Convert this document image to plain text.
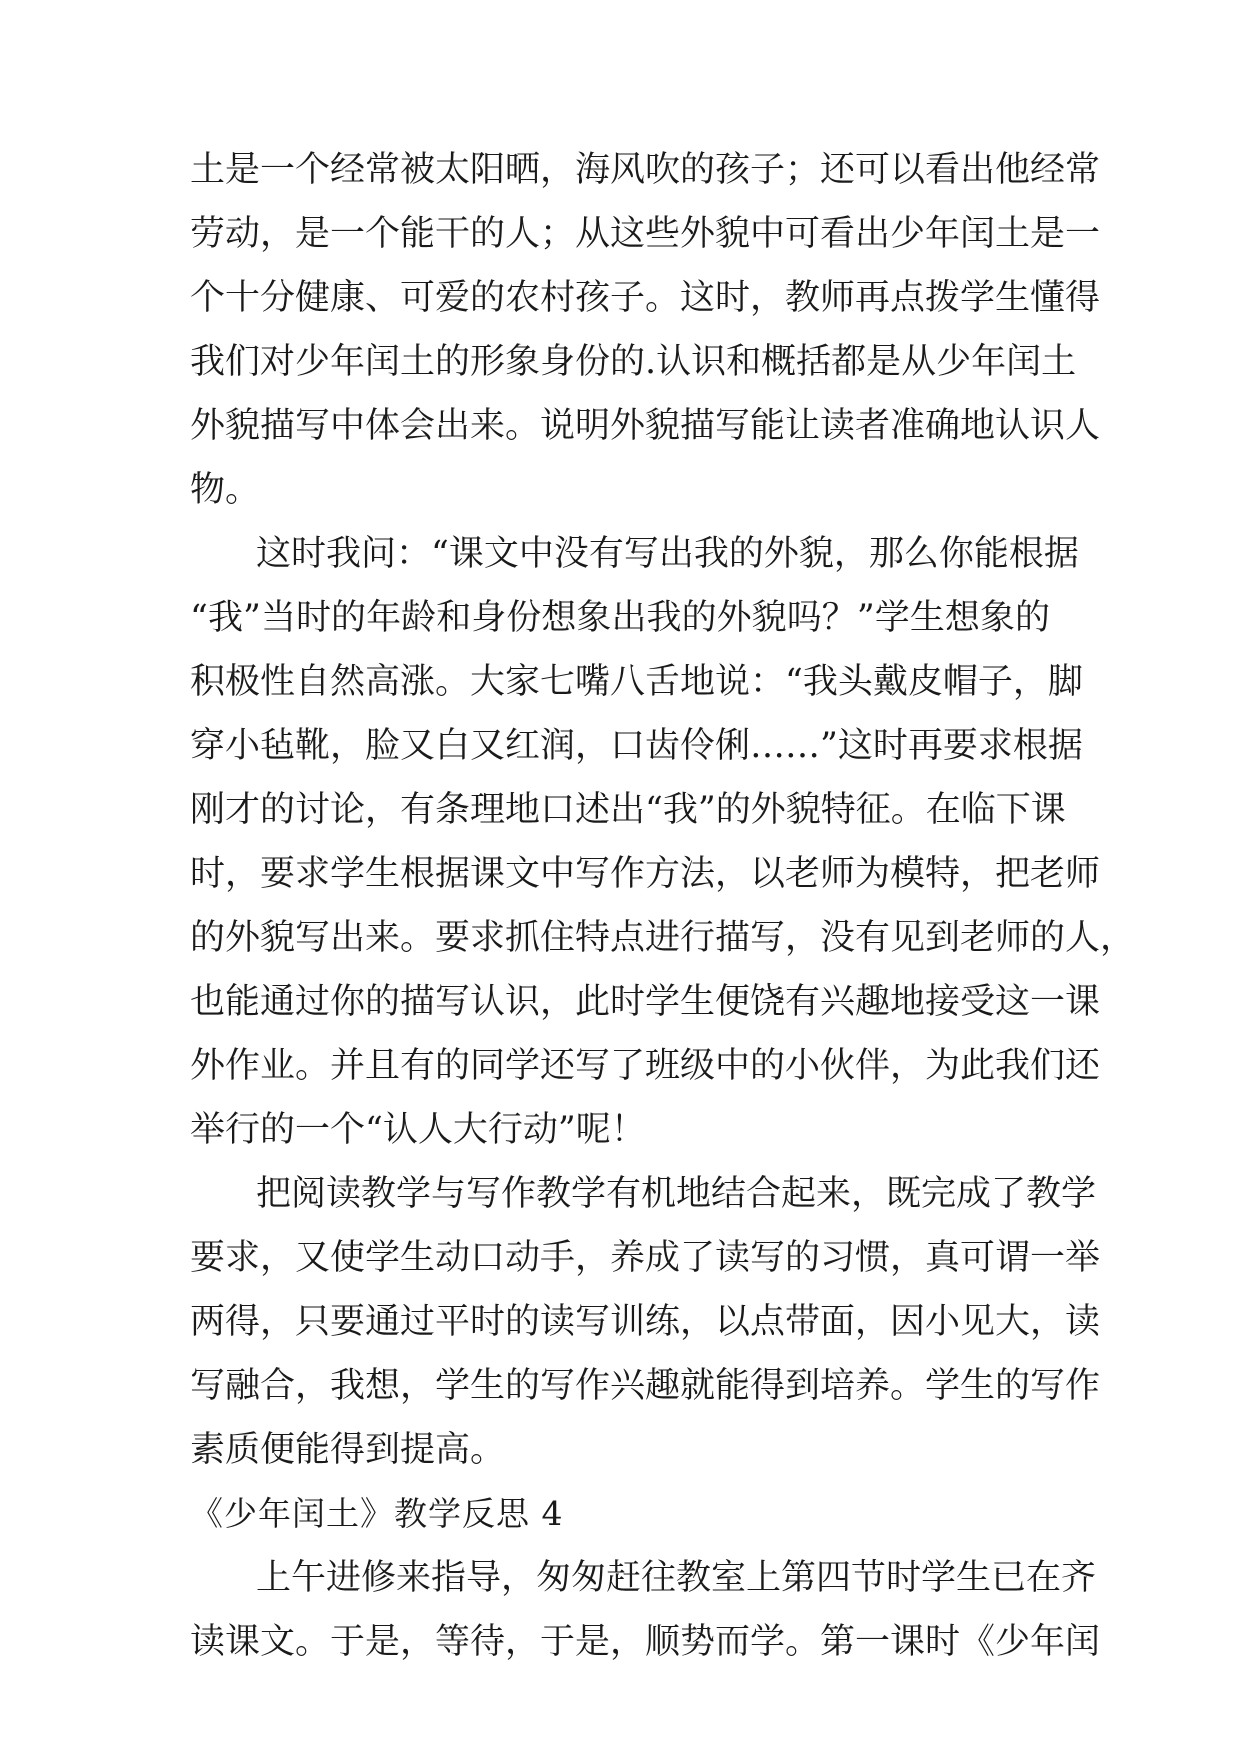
土是一个经常被太阳晒，海风吹的孩子；还可以看出他经常
劳动，是一个能干的人；从这些外貌中可看出少年闰土是一
个十分健康、可爱的农村孩子。这时，教师再点拨学生懂得
我们对少年闰土的形象身份的.认识和概括都是从少年闰土
外貌描写中体会出来。说明外貌描写能让读者准确地认识人
物。
这时我问：“课文中没有写出我的外貌，那么你能根据
“我”当时的年龄和身份想象出我的外貌吗？”学生想象的
积极性自然高涨。大家七嘴八舌地说：“我头戴皮帽子，脚
穿小毡靴，脸又白又红润，口齿伶俐……”这时再要求根据
刚才的讨论，有条理地口述出“我”的外貌特征。在临下课
时，要求学生根据课文中写作方法，以老师为模特，把老师
的外貌写出来。要求抓住特点进行描写，没有见到老师的人，
也能通过你的描写认识，此时学生便饶有兴趣地接受这一课
外作业。并且有的同学还写了班级中的小伙伴，为此我们还
举行的一个“认人大行动”呢！
把阅读教学与写作教学有机地结合起来，既完成了教学
要求，又使学生动口动手，养成了读写的习惯，真可谓一举
两得，只要通过平时的读写训练，以点带面，因小见大，读
写融合，我想，学生的写作兴趣就能得到培养。学生的写作
素质便能得到提高。
《少年闰土》教学反思 4
上午进修来指导，匆匆赶往教室上第四节时学生已在齐
读课文。于是，等待，于是，顺势而学。第一课时《少年闰
